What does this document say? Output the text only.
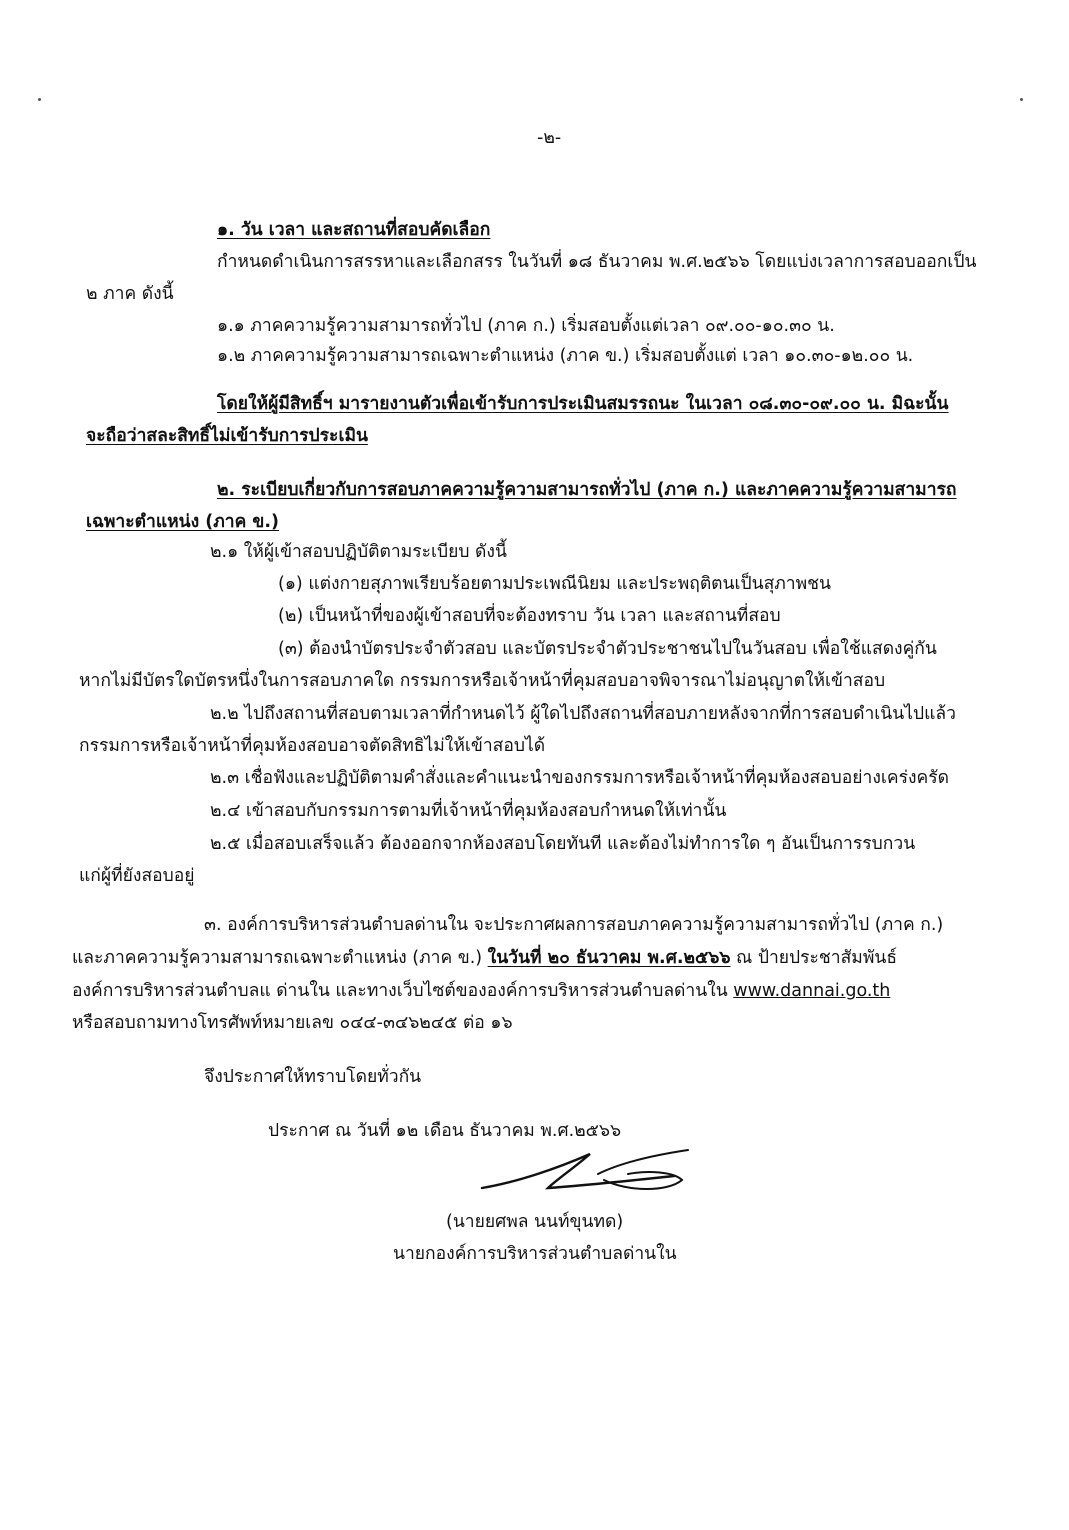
-๒-
๑. วัน เวลา และสถานที่สอบคัดเลือก
กำหนดดำเนินการสรรหาและเลือกสรร ในวันที่ ๑๘ ธันวาคม พ.ศ.๒๕๖๖ โดยแบ่งเวลาการสอบออกเป็น
๒ ภาค ดังนี้
๑.๑ ภาคความรู้ความสามารถทั่วไป (ภาค ก.) เริ่มสอบตั้งแต่เวลา ๐๙.๐๐-๑๐.๓๐ น.
๑.๒ ภาคความรู้ความสามารถเฉพาะตำแหน่ง (ภาค ข.) เริ่มสอบตั้งแต่ เวลา ๑๐.๓๐-๑๒.๐๐ น.
โดยให้ผู้มีสิทธิ์ฯ มารายงานตัวเพื่อเข้ารับการประเมินสมรรถนะ ในเวลา ๐๘.๓๐-๐๙.๐๐ น. มิฉะนั้น
จะถือว่าสละสิทธิ์ไม่เข้ารับการประเมิน
๒. ระเบียบเกี่ยวกับการสอบภาคความรู้ความสามารถทั่วไป (ภาค ก.) และภาคความรู้ความสามารถ
เฉพาะตำแหน่ง (ภาค ข.)
๒.๑ ให้ผู้เข้าสอบปฏิบัติตามระเบียบ ดังนี้
(๑) แต่งกายสุภาพเรียบร้อยตามประเพณีนิยม และประพฤติตนเป็นสุภาพชน
(๒) เป็นหน้าที่ของผู้เข้าสอบที่จะต้องทราบ วัน เวลา และสถานที่สอบ
(๓) ต้องนำบัตรประจำตัวสอบ และบัตรประจำตัวประชาชนไปในวันสอบ เพื่อใช้แสดงคู่กัน
หากไม่มีบัตรใดบัตรหนึ่งในการสอบภาคใด กรรมการหรือเจ้าหน้าที่คุมสอบอาจพิจารณาไม่อนุญาตให้เข้าสอบ
๒.๒ ไปถึงสถานที่สอบตามเวลาที่กำหนดไว้ ผู้ใดไปถึงสถานที่สอบภายหลังจากที่การสอบดำเนินไปแล้ว
กรรมการหรือเจ้าหน้าที่คุมห้องสอบอาจตัดสิทธิไม่ให้เข้าสอบได้
๒.๓ เชื่อฟังและปฏิบัติตามคำสั่งและคำแนะนำของกรรมการหรือเจ้าหน้าที่คุมห้องสอบอย่างเคร่งครัด
๒.๔ เข้าสอบกับกรรมการตามที่เจ้าหน้าที่คุมห้องสอบกำหนดให้เท่านั้น
๒.๕ เมื่อสอบเสร็จแล้ว ต้องออกจากห้องสอบโดยทันที และต้องไม่ทำการใด ๆ อันเป็นการรบกวน
แก่ผู้ที่ยังสอบอยู่
๓. องค์การบริหารส่วนตำบลด่านใน จะประกาศผลการสอบภาคความรู้ความสามารถทั่วไป (ภาค ก.)
และภาคความรู้ความสามารถเฉพาะตำแหน่ง (ภาค ข.) ในวันที่ ๒๐ ธันวาคม พ.ศ.๒๕๖๖ ณ ป้ายประชาสัมพันธ์
องค์การบริหารส่วนตำบลแ ด่านใน และทางเว็บไซต์ขององค์การบริหารส่วนตำบลด่านใน www.dannai.go.th
หรือสอบถามทางโทรศัพท์หมายเลข ๐๔๔-๓๔๖๒๔๕ ต่อ ๑๖
จึงประกาศให้ทราบโดยทั่วกัน
ประกาศ ณ วันที่ ๑๒ เดือน ธันวาคม พ.ศ.๒๕๖๖
(นายยศพล นนท์ขุนทด)
นายกองค์การบริหารส่วนตำบลด่านใน
